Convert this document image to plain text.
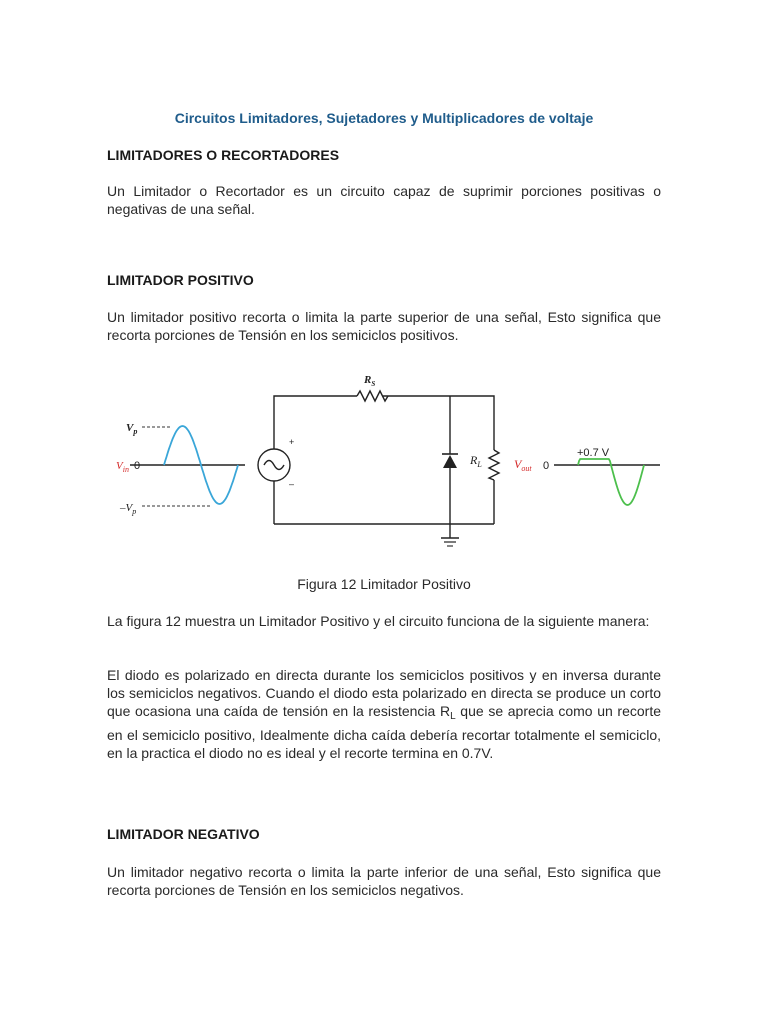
Circuitos Limitadores, Sujetadores y Multiplicadores de voltaje
LIMITADORES O RECORTADORES
Un Limitador o Recortador es un circuito capaz de suprimir porciones positivas o negativas de una señal.
LIMITADOR POSITIVO
Un limitador positivo recorta o limita la parte superior de una señal, Esto significa que recorta porciones de Tensión en los semiciclos positivos.
Figura 12 Limitador Positivo
La figura 12 muestra un Limitador Positivo y el circuito funciona de la siguiente manera:
El diodo es polarizado en directa durante los semiciclos positivos y en inversa durante los semiciclos negativos. Cuando el diodo esta polarizado en directa se produce un corto que ocasiona una caída de tensión en la resistencia $R_L$ que se aprecia como un recorte en el semiciclo positivo, Idealmente dicha caída debería recortar totalmente el semiciclo, en la practica el diodo no es ideal y el recorte termina en 0.7V.
LIMITADOR NEGATIVO
Un limitador negativo recorta o limita la parte inferior de una señal, Esto significa que recorta porciones de Tensión en los semiciclos negativos.
$V_p$
$V_{in}$ 0
$-V_p$
+
–
$R_S$
$R_L$	$V_{out}$ 0
+0.7 V
